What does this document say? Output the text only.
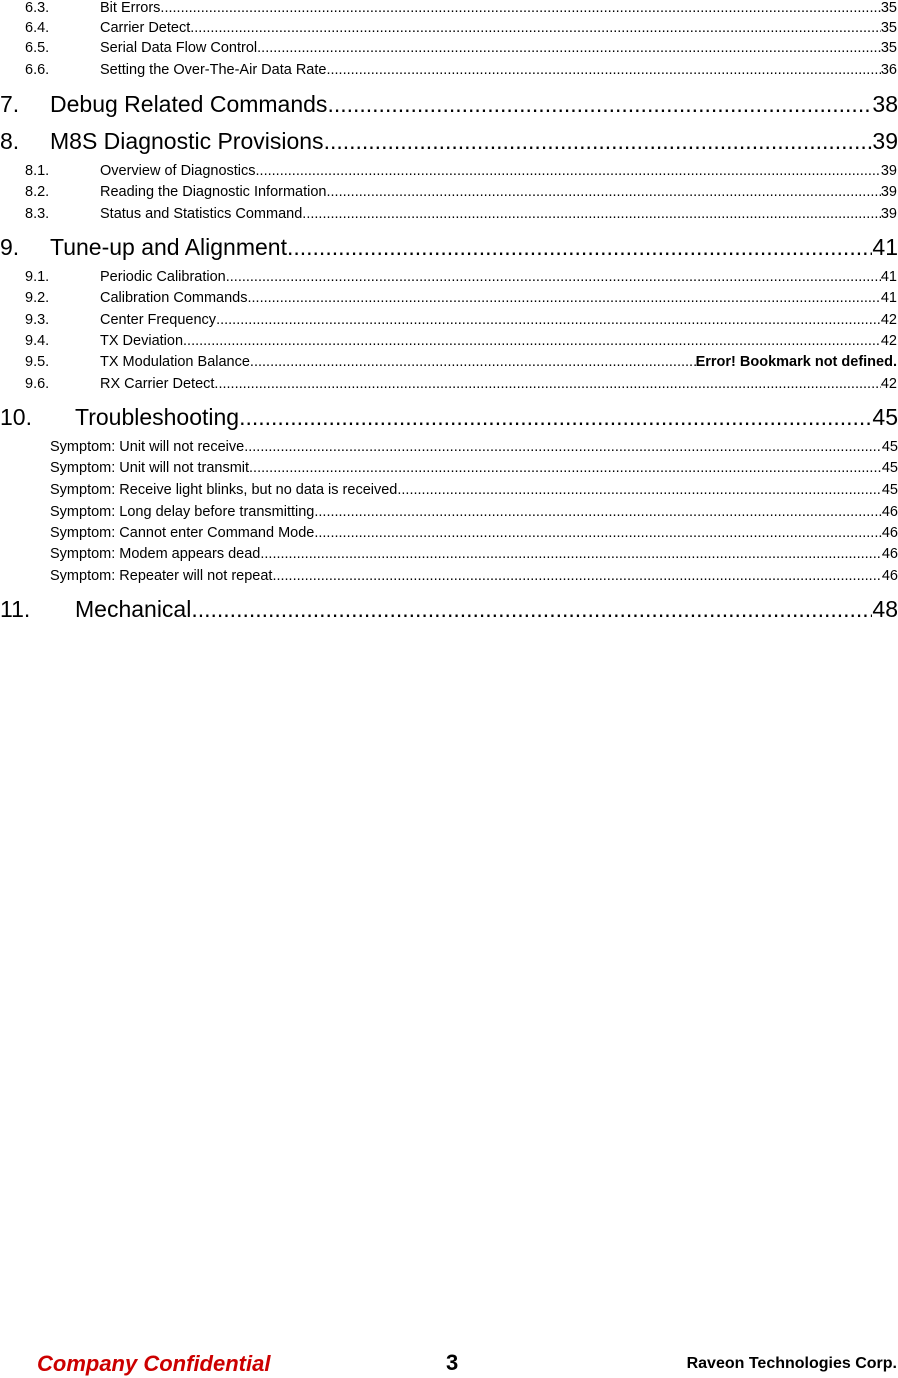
6.3.	Bit Errors .....	35
6.4.	Carrier Detect .....	35
6.5.	Serial Data Flow Control .....	35
6.6.	Setting the Over-The-Air Data Rate .....	36
7.	Debug Related Commands .....	38
8.	M8S Diagnostic Provisions .....	39
8.1.	Overview of Diagnostics .....	39
8.2.	Reading the Diagnostic Information .....	39
8.3.	Status and Statistics Command .....	39
9.	Tune-up and Alignment .....	41
9.1.	Periodic Calibration .....	41
9.2.	Calibration Commands .....	41
9.3.	Center Frequency .....	42
9.4.	TX Deviation .....	42
9.5.	TX Modulation Balance .....	Error! Bookmark not defined.
9.6.	RX Carrier Detect .....	42
10.	Troubleshooting .....	45
Symptom: Unit will not receive .....	45
Symptom: Unit will not transmit .....	45
Symptom: Receive light blinks, but no data is received .....	45
Symptom: Long delay before transmitting .....	46
Symptom: Cannot enter Command Mode .....	46
Symptom: Modem appears dead .....	46
Symptom: Repeater will not repeat .....	46
11.	Mechanical .....	48
Company Confidential	3	Raveon Technologies Corp.
